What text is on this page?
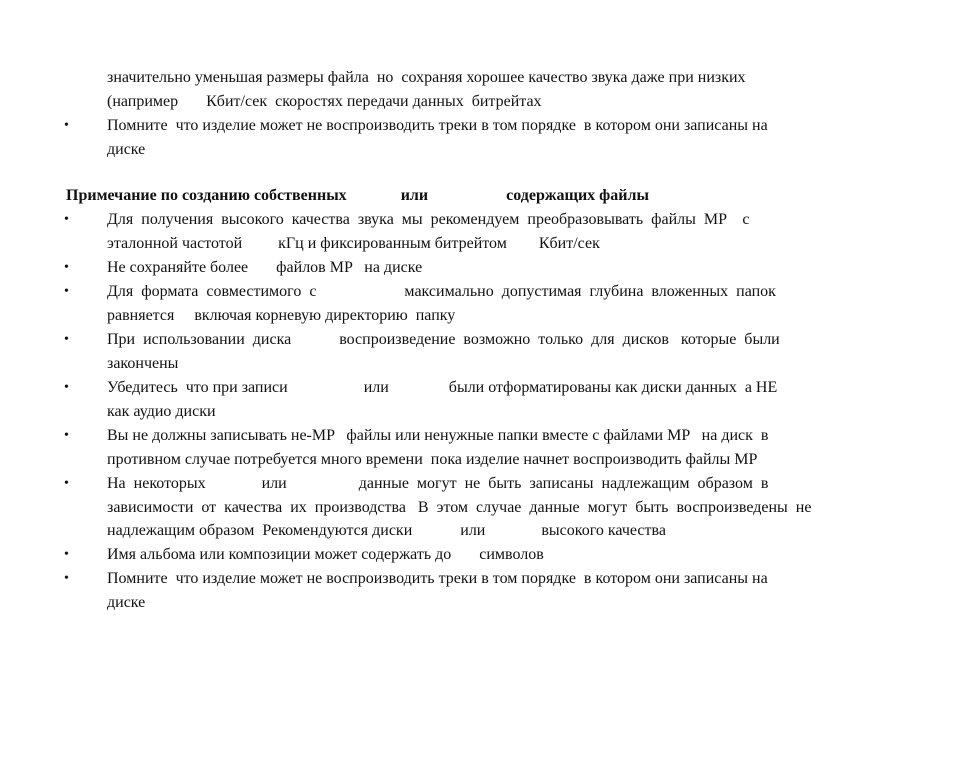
значительно уменьшая размеры файла  но  сохраняя хорошее качество звука даже при низких
(например       Кбит/сек  скоростях передачи данных  битрейтах
•	Помните  что изделие может не воспроизводить треки в том порядке  в котором они записаны на
диске
Примечание по созданию собственных	или	содержащих файлы
•	Для  получения  высокого  качества  звука  мы  рекомендуем  преобразовывать  файлы  MP    с
эталонной частотой         кГц и фиксированным битрейтом        Кбит/сек
•	Не сохраняйте более       файлов MP   на диске
•	Для  формата  совместимого  с                      максимально  допустимая  глубина  вложенных  папок
равняется     включая корневую директорию  папку
•	При  использовании  диска            воспроизведение  возможно  только  для  дисков   которые  были
закончены
•	Убедитесь  что при записи                   или               были отформатированы как диски данных  а НЕ
как аудио диски
•	Вы не должны записывать не-MP   файлы или ненужные папки вместе с файлами MP   на диск  в
противном случае потребуется много времени  пока изделие начнет воспроизводить файлы MP
•	На  некоторых              или                  данные  могут  не  быть  записаны  надлежащим  образом  в
зависимости  от  качества  их  производства   В  этом  случае  данные  могут  быть  воспроизведены  не
надлежащим образом  Рекомендуются диски            или              высокого качества
•	Имя альбома или композиции может содержать до       символов
•	Помните  что изделие может не воспроизводить треки в том порядке  в котором они записаны на
диске
